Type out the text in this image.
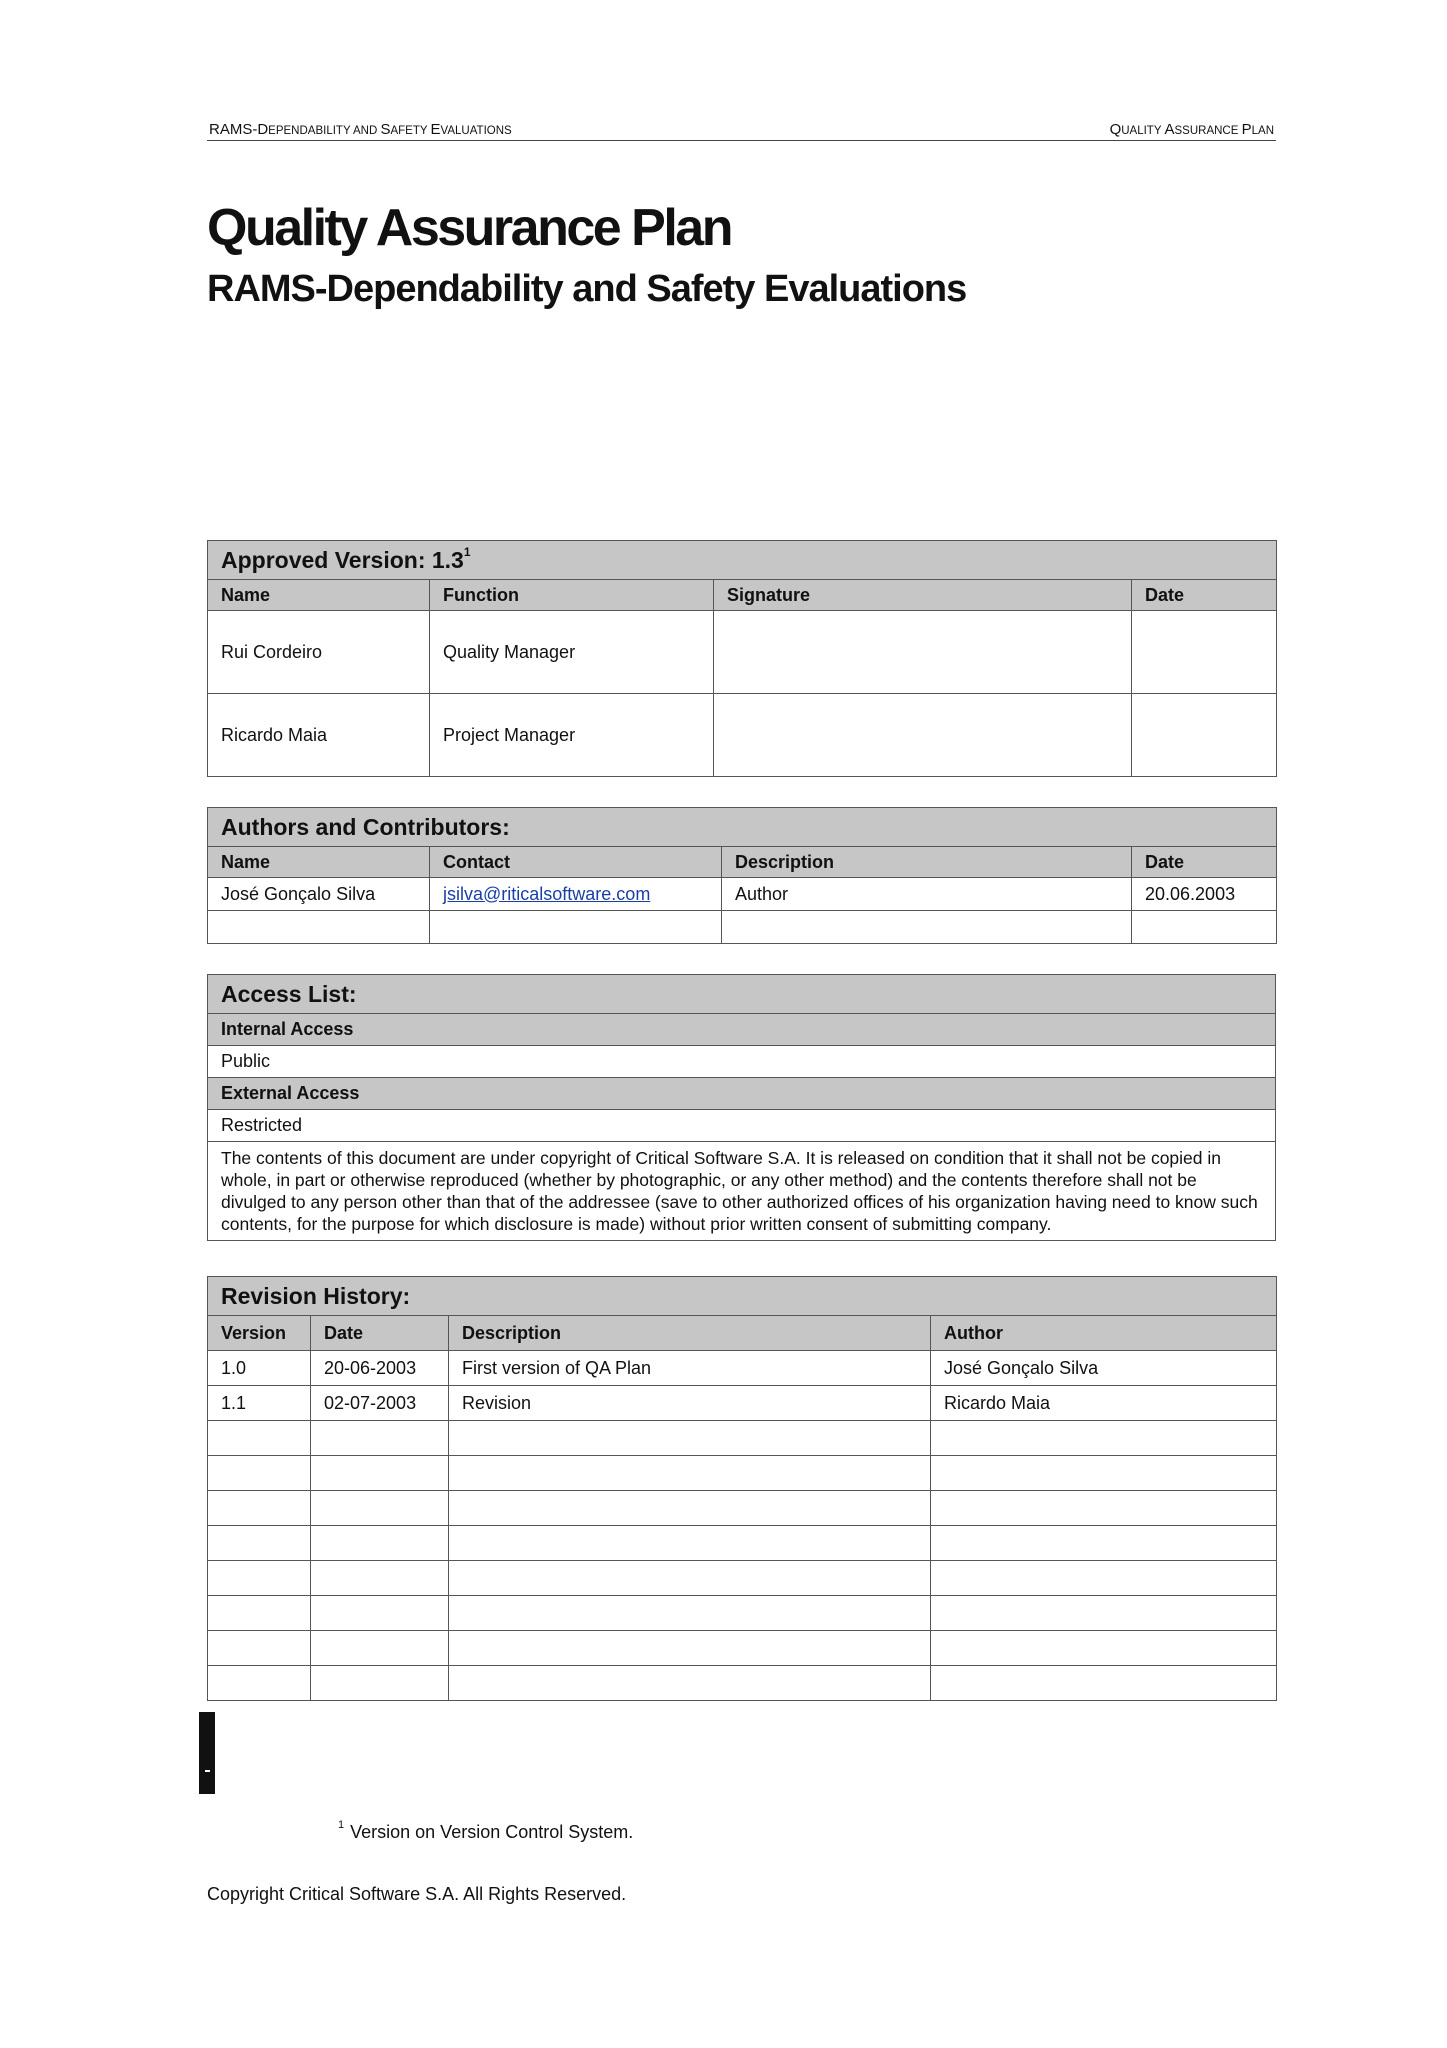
RAMS-DEPENDABILITY AND SAFETY EVALUATIONS	QUALITY ASSURANCE PLAN
Quality Assurance Plan
RAMS-Dependability and Safety Evaluations
Approved Version: $1.3^1$
Name	Function	Signature	Date
Rui Cordeiro	Quality Manager		
Ricardo Maia	Project Manager		
Authors and Contributors:			
Name	Contact	Description	Date
José Gonçalo Silva	jsilva@riticalsoftware.com	Author	20.06.2003

Access List:
Internal Access
Public
External Access
Restricted
The contents of this document are under copyright of Critical Software S.A. It is released on condition that it shall not be copied in whole, in part or otherwise reproduced (whether by photographic, or any other method) and the contents therefore shall not be divulged to any person other than that of the addressee (save to other authorized offices of his organization having need to know such contents, for the purpose for which disclosure is made) without prior written consent of submitting company.
Revision History:			
Version	Date	Description	Author
1.0	20-06-2003	First version of QA Plan	José Gonçalo Silva
1.1	02-07-2003	Revision	Ricardo Maia

$^1$ Version on Version Control System.
Copyright Critical Software S.A. All Rights Reserved.
